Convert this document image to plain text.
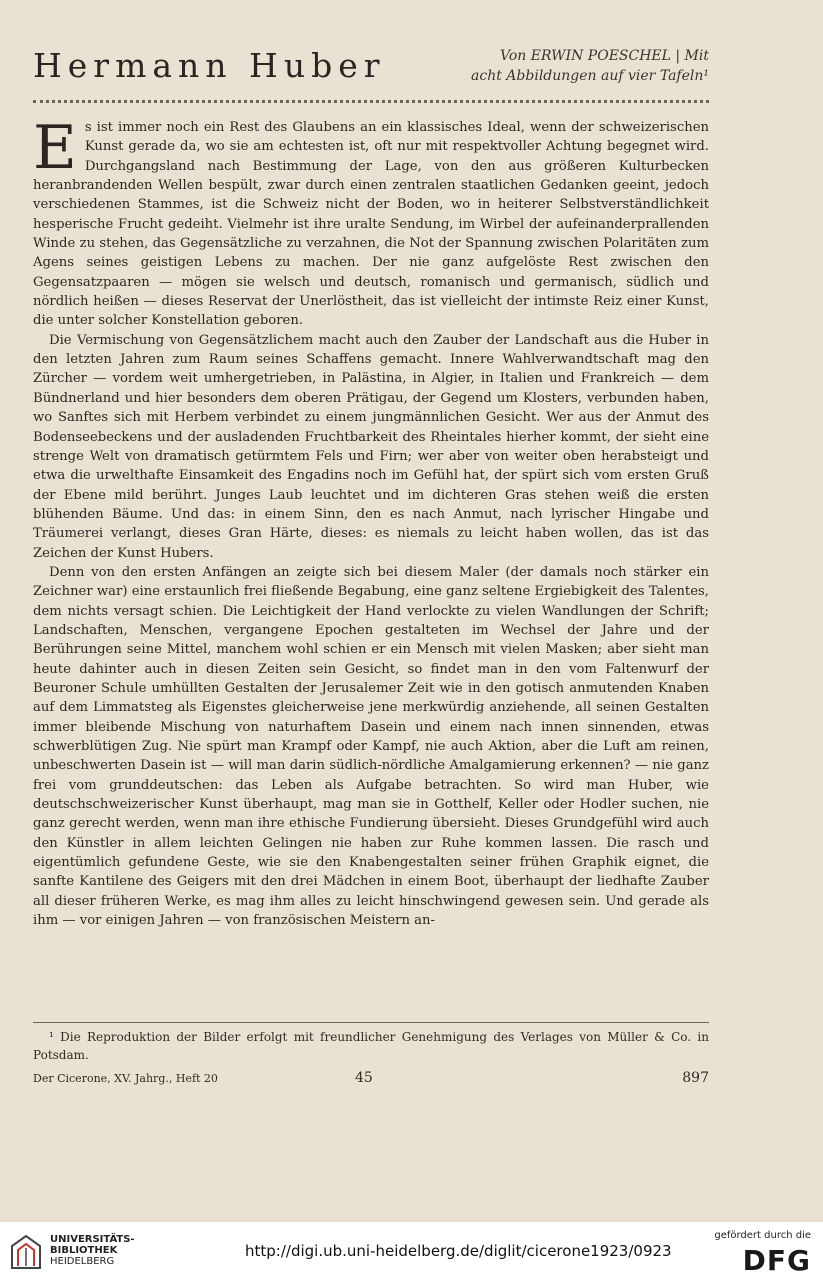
Hermann Huber	Von ERWIN POESCHEL | Mit
acht Abbildungen auf vier Tafeln¹

Es ist immer noch ein Rest des Glaubens an ein klassisches Ideal, wenn der schweizerischen Kunst gerade da, wo sie am echtesten ist, oft nur mit respektvoller Achtung begegnet wird. Durchgangsland nach Bestimmung der Lage, von den aus größeren Kulturbecken heranbrandenden Wellen bespült, zwar durch einen zentralen staatlichen Gedanken geeint, jedoch verschiedenen Stammes, ist die Schweiz nicht der Boden, wo in heiterer Selbstverständlichkeit hesperische Frucht gedeiht. Vielmehr ist ihre uralte Sendung, im Wirbel der aufeinanderprallenden Winde zu stehen, das Gegensätzliche zu verzahnen, die Not der Spannung zwischen Polaritäten zum Agens seines geistigen Lebens zu machen. Der nie ganz aufgelöste Rest zwischen den Gegensatzpaaren — mögen sie welsch und deutsch, romanisch und germanisch, südlich und nördlich heißen — dieses Reservat der Unerlöstheit, das ist vielleicht der intimste Reiz einer Kunst, die unter solcher Konstellation geboren.

Die Vermischung von Gegensätzlichem macht auch den Zauber der Landschaft aus die Huber in den letzten Jahren zum Raum seines Schaffens gemacht. Innere Wahlverwandtschaft mag den Zürcher — vordem weit umhergetrieben, in Palästina, in Algier, in Italien und Frankreich — dem Bündnerland und hier besonders dem oberen Prätigau, der Gegend um Klosters, verbunden haben, wo Sanftes sich mit Herbem verbindet zu einem jungmännlichen Gesicht. Wer aus der Anmut des Bodenseebeckens und der ausladenden Fruchtbarkeit des Rheintales hierher kommt, der sieht eine strenge Welt von dramatisch getürmtem Fels und Firn; wer aber von weiter oben herabsteigt und etwa die urwelthafte Einsamkeit des Engadins noch im Gefühl hat, der spürt sich vom ersten Gruß der Ebene mild berührt. Junges Laub leuchtet und im dichteren Gras stehen weiß die ersten blühenden Bäume. Und das: in einem Sinn, den es nach Anmut, nach lyrischer Hingabe und Träumerei verlangt, dieses Gran Härte, dieses: es niemals zu leicht haben wollen, das ist das Zeichen der Kunst Hubers.

Denn von den ersten Anfängen an zeigte sich bei diesem Maler (der damals noch stärker ein Zeichner war) eine erstaunlich frei fließende Begabung, eine ganz seltene Ergiebigkeit des Talentes, dem nichts versagt schien. Die Leichtigkeit der Hand verlockte zu vielen Wandlungen der Schrift; Landschaften, Menschen, vergangene Epochen gestalteten im Wechsel der Jahre und der Berührungen seine Mittel, manchem wohl schien er ein Mensch mit vielen Masken; aber sieht man heute dahinter auch in diesen Zeiten sein Gesicht, so findet man in den vom Faltenwurf der Beuroner Schule umhüllten Gestalten der Jerusalemer Zeit wie in den gotisch anmutenden Knaben auf dem Limmatsteg als Eigenstes gleicherweise jene merkwürdig anziehende, all seinen Gestalten immer bleibende Mischung von naturhaftem Dasein und einem nach innen sinnenden, etwas schwerblütigen Zug. Nie spürt man Krampf oder Kampf, nie auch Aktion, aber die Luft am reinen, unbeschwerten Dasein ist — will man darin südlich-nördliche Amalgamierung erkennen? — nie ganz frei vom grunddeutschen: das Leben als Aufgabe betrachten. So wird man Huber, wie deutschschweizerischer Kunst überhaupt, mag man sie in Gotthelf, Keller oder Hodler suchen, nie ganz gerecht werden, wenn man ihre ethische Fundierung übersieht. Dieses Grundgefühl wird auch den Künstler in allem leichten Gelingen nie haben zur Ruhe kommen lassen. Die rasch und eigentümlich gefundene Geste, wie sie den Knabengestalten seiner frühen Graphik eignet, die sanfte Kantilene des Geigers mit den drei Mädchen in einem Boot, überhaupt der liedhafte Zauber all dieser früheren Werke, es mag ihm alles zu leicht hinschwingend gewesen sein. Und gerade als ihm — vor einigen Jahren — von französischen Meistern an-

¹ Die Reproduktion der Bilder erfolgt mit freundlicher Genehmigung des Verlages von Müller & Co. in Potsdam.
Der Cicerone, XV. Jahrg., Heft 20	45	897
UNIVERSITÄTS-
BIBLIOTHEK
HEIDELBERG
http://digi.ub.uni-heidelberg.de/diglit/cicerone1923/0923
gefördert durch die
DFG
